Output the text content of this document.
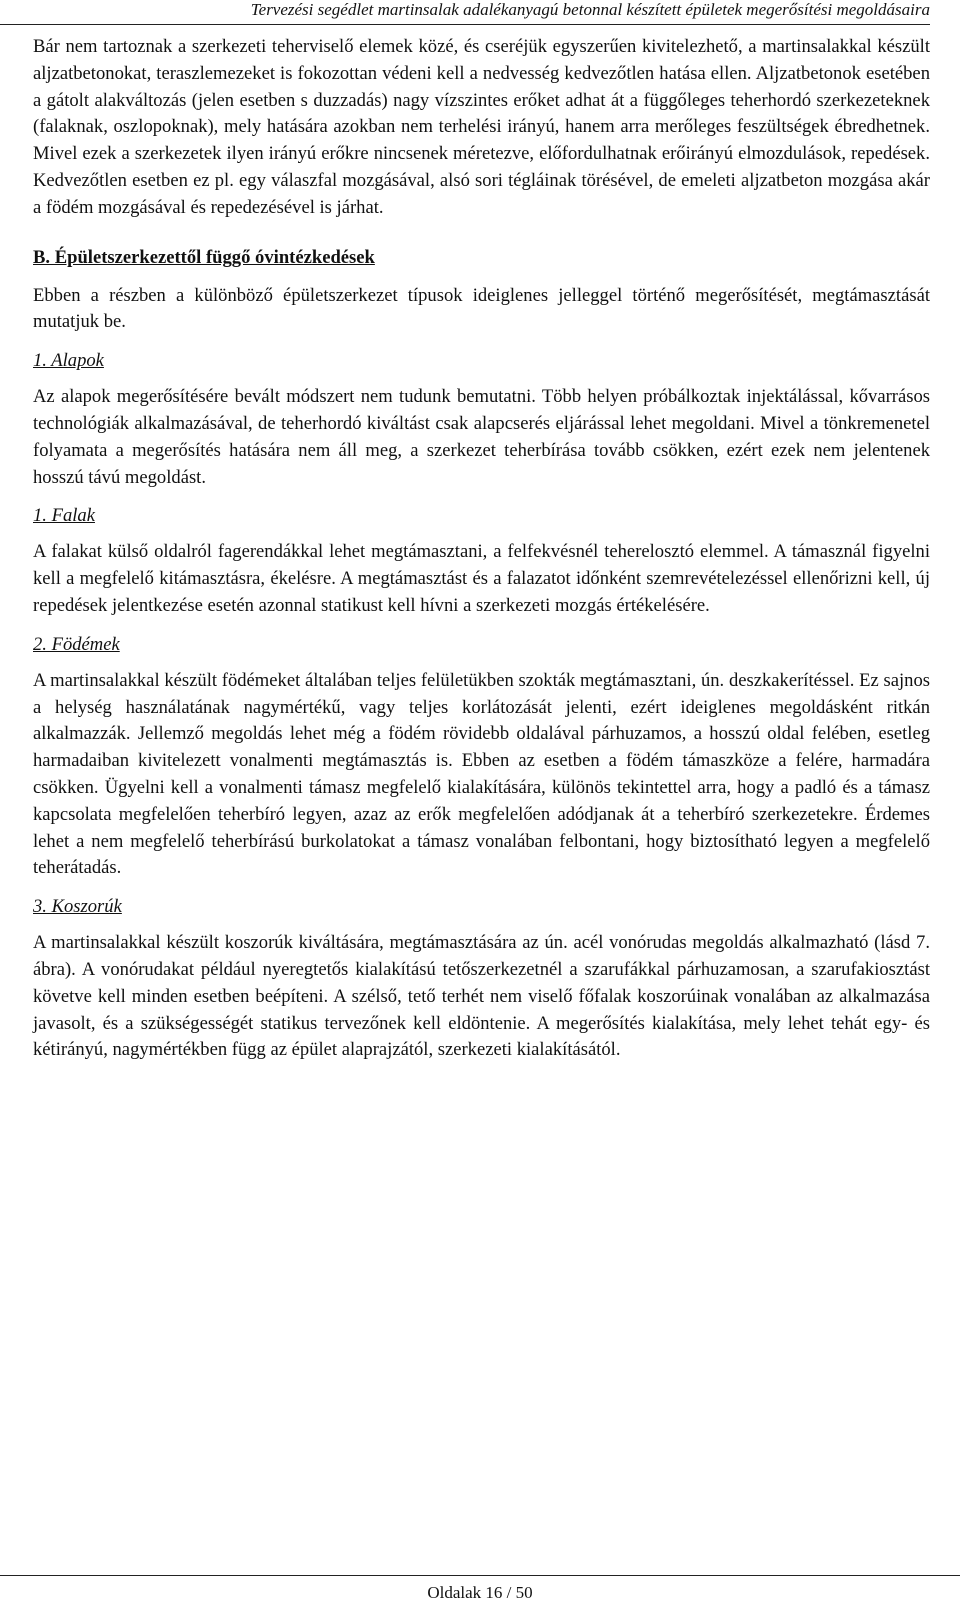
Tervezési segédlet martinsalak adalékanyagú betonnal készített épületek megerősítési megoldásaira

Bár nem tartoznak a szerkezeti teherviselő elemek közé, és cseréjük egyszerűen kivitelezhető, a martinsalakkal készült aljzatbetonokat, teraszlemezeket is fokozottan védeni kell a nedvesség kedvezőtlen hatása ellen. Aljzatbetonok esetében a gátolt alakváltozás (jelen esetben s duzzadás) nagy vízszintes erőket adhat át a függőleges teherhordó szerkezeteknek (falaknak, oszlopoknak), mely hatására azokban nem terhelési irányú, hanem arra merőleges feszültségek ébredhetnek. Mivel ezek a szerkezetek ilyen irányú erőkre nincsenek méretezve, előfordulhatnak erőirányú elmozdulások, repedések. Kedvezőtlen esetben ez pl. egy válaszfal mozgásával, alsó sori tégláinak törésével, de emeleti aljzatbeton mozgása akár a födém mozgásával és repedezésével is járhat.

B. Épületszerkezettől függő óvintézkedések

Ebben a részben a különböző épületszerkezet típusok ideiglenes jelleggel történő megerősítését, megtámasztását mutatjuk be.

1. Alapok

Az alapok megerősítésére bevált módszert nem tudunk bemutatni. Több helyen próbálkoztak injektálással, kővarrásos technológiák alkalmazásával, de teherhordó kiváltást csak alapcserés eljárással lehet megoldani. Mivel a tönkremenetel folyamata a megerősítés hatására nem áll meg, a szerkezet teherbírása tovább csökken, ezért ezek nem jelentenek hosszú távú megoldást.

1. Falak

A falakat külső oldalról fagerendákkal lehet megtámasztani, a felfekvésnél teherelosztó elemmel. A támasznál figyelni kell a megfelelő kitámasztásra, ékelésre. A megtámasztást és a falazatot időnként szemrevételezéssel ellenőrizni kell, új repedések jelentkezése esetén azonnal statikust kell hívni a szerkezeti mozgás értékelésére.

2. Födémek

A martinsalakkal készült födémeket általában teljes felületükben szokták megtámasztani, ún. deszkakerítéssel. Ez sajnos a helység használatának nagymértékű, vagy teljes korlátozását jelenti, ezért ideiglenes megoldásként ritkán alkalmazzák. Jellemző megoldás lehet még a födém rövidebb oldalával párhuzamos, a hosszú oldal felében, esetleg harmadaiban kivitelezett vonalmenti megtámasztás is. Ebben az esetben a födém támaszköze a felére, harmadára csökken. Ügyelni kell a vonalmenti támasz megfelelő kialakítására, különös tekintettel arra, hogy a padló és a támasz kapcsolata megfelelően teherbíró legyen, azaz az erők megfelelően adódjanak át a teherbíró szerkezetekre. Érdemes lehet a nem megfelelő teherbírású burkolatokat a támasz vonalában felbontani, hogy biztosítható legyen a megfelelő teherátadás.

3. Koszorúk

A martinsalakkal készült koszorúk kiváltására, megtámasztására az ún. acél vonórudas megoldás alkalmazható (lásd 7. ábra). A vonórudakat például nyeregtetős kialakítású tetőszerkezetnél a szarufákkal párhuzamosan, a szarufakiosztást követve kell minden esetben beépíteni. A szélső, tető terhét nem viselő főfalak koszorúinak vonalában az alkalmazása javasolt, és a szükségességét statikus tervezőnek kell eldöntenie. A megerősítés kialakítása, mely lehet tehát egy- és kétirányú, nagymértékben függ az épület alaprajzától, szerkezeti kialakításától.

Oldalak 16 / 50
